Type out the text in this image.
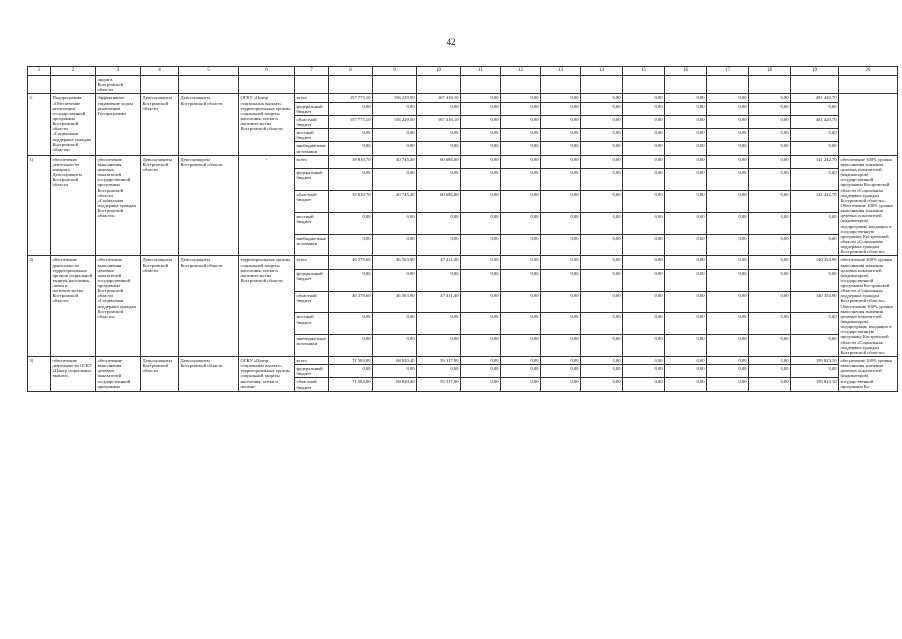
42
1	2	3	4	5	6	7	8	9	10	11	12	13	14	15	16	17	18	19	20
		лидов в Костромской области																	
5.	Подпрограмма «Обеспечение реализации государственной программы Костромской области «Социальная поддержка граждан Костромской области»	Эффективное управление ходом реализации Госпрограммы	Депсоцзащиты Костромской области	Депсоцзащиты Костромской области	ОГКУ «Центр социальных выплат», территориальные органы социальной защиты населения, опеки и попечительства Костромской области	всего	157 775,10	156 229,50	167 416,10	0,00	0,00	0,00	0,00	0,00	0,00	0,00	0,00	481 420,70	
						федеральный бюджет	0,00	0,00	0,00	0,00	0,00	0,00	0,00	0,00	0,00	0,00	0,00	0,00	
						областной бюджет	157 775,10	156 229,50	167 416,10	0,00	0,00	0,00	0,00	0,00	0,00	0,00	0,00	481 420,70	
						местный бюджет	0,00	0,00	0,00	0,00	0,00	0,00	0,00	0,00	0,00	0,00	0,00	0,00	
						внебюджетные источники	0,00	0,00	0,00	0,00	0,00	0,00	0,00	0,00	0,00	0,00	0,00	0,00	
1)	обеспечение деятельности аппарата Депсоцзащиты Костромской области	обеспечение выполнения целевых показателей государственной программы Костромской области «Социальная поддержка граждан Костромской области»	Депсоцзащиты Костромской области	Депсоцзащиты Костромской области	-	всего	39 810,70	40 745,20	60 686,80	0,00	0,00	0,00	0,00	0,00	0,00	0,00	0,00	141 242,70	обеспечение 100% уровня выполнения значения целевых показателей (индикаторов) государственной программы Костромской области «Социальная поддержка граждан Костромской области». Обеспечение 100% уровня выполнения значения целевых показателей (индикаторов) подпрограмм, входящих в государственную программу Костромской области «Социальная поддержка граждан Костромской области»
						федеральный бюджет	0,00	0,00	0,00	0,00	0,00	0,00	0,00	0,00	0,00	0,00	0,00	0,00	
						областной бюджет	39 810,70	40 745,20	60 686,80	0,00	0,00	0,00	0,00	0,00	0,00	0,00	0,00	141 242,70	
						местный бюджет	0,00	0,00	0,00	0,00	0,00	0,00	0,00	0,00	0,00	0,00	0,00	0,00	
						внебюджетные источники	0,00	0,00	0,00	0,00	0,00	0,00	0,00	0,00	0,00	0,00	0,00	0,00	
2)	обеспечение деятельности территориальных органов социальной защиты населения, опеки и попечительства Костромской области	обеспечение выполнения целевых показателей государственной программы Костромской области «Социальная поддержка граждан Костромской области»	Депсоцзащиты Костромской области	Депсоцзащиты Костромской области	территориальные органы социальной защиты населения, опеки и попечительства Костромской области	всего	46 379,60	46 563,90	47 411,40	0,00	0,00	0,00	0,00	0,00	0,00	0,00	0,00	140 354,90	обеспечение 100% уровня выполнения значения целевых показателей (индикаторов) государственной программы Костромской области «Социальная поддержка граждан Костромской области». Обеспечение 100% уровня выполнения значения целевых показателей (индикаторов) подпрограмм, входящих в государственную программу Костромской области «Социальная поддержка граждан Костромской области»
						федеральный бюджет	0,00	0,00	0,00	0,00	0,00	0,00	0,00	0,00	0,00	0,00	0,00	0,00	
						областной бюджет	46 379,60	46 563,90	47 411,40	0,00	0,00	0,00	0,00	0,00	0,00	0,00	0,00	140 354,90	
						местный бюджет	0,00	0,00	0,00	0,00	0,00	0,00	0,00	0,00	0,00	0,00	0,00	0,00	
						внебюджетные источники	0,00	0,00	0,00	0,00	0,00	0,00	0,00	0,00	0,00	0,00	0,00	0,00	
3)	обеспечение деятельности ОГКУ «Центр социальных выплат»	обеспечение выполнения целевых показателей государственной программы	Депсоцзащиты Костромской области	Депсоцзащиты Костромской области	ОГКУ «Центр социальных выплат», территориальные органы социальной защиты населения, опеки и попечи-	всего	71 584,80	68 920,40	59 317,90	0,00	0,00	0,00	0,00	0,00	0,00	0,00	0,00	199 823,10	обеспечение 100% уровня выполнения значения целевых показателей (индикаторов) государственной программы Ко-
						федеральный бюджет	0,00	0,00	0,00	0,00	0,00	0,00	0,00	0,00	0,00	0,00	0,00	0,00	
						областной бюджет	71 584,80	68 920,40	59 317,90	0,00	0,00	0,00	0,00	0,00	0,00	0,00	0,00	199 823,10	
